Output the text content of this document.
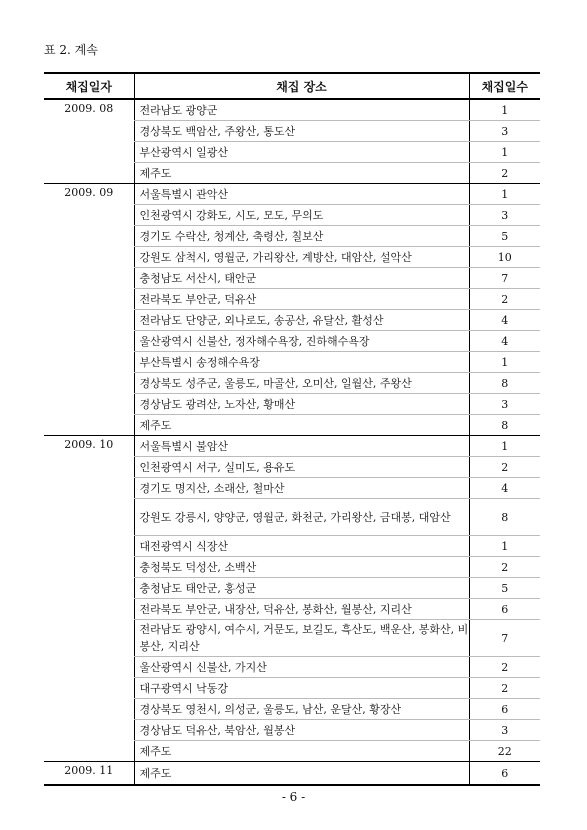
표 2. 계속
채집일자	채집 장소	채집일수
2009. 08	전라남도 광양군	1
	경상북도 백암산, 주왕산, 통도산	3
	부산광역시 일광산	1
	제주도	2
2009. 09	서울특별시 관악산	1
	인천광역시 강화도, 시도, 모도, 무의도	3
	경기도 수락산, 청계산, 축령산, 칠보산	5
	강원도 삼척시, 영월군, 가리왕산, 계방산, 대암산, 설악산	10
	충청남도 서산시, 태안군	7
	전라북도 부안군, 덕유산	2
	전라남도 단양군, 외나로도, 송공산, 유달산, 활성산	4
	울산광역시 신불산, 정자해수욕장, 진하해수욕장	4
	부산특별시 송정해수욕장	1
	경상북도 성주군, 울릉도, 마골산, 오미산, 일월산, 주왕산	8
	경상남도 광려산, 노자산, 황매산	3
	제주도	8
2009. 10	서울특별시 불암산	1
	인천광역시 서구, 실미도, 용유도	2
	경기도 명지산, 소래산, 철마산	4
	강원도 강릉시, 양양군, 영월군, 화천군, 가리왕산, 금대봉, 대암산	8
	대전광역시 식장산	1
	충청북도 덕성산, 소백산	2
	충청남도 태안군, 홍성군	5
	전라북도 부안군, 내장산, 덕유산, 봉화산, 월봉산, 지리산	6
	전라남도 광양시, 여수시, 거문도, 보길도, 흑산도, 백운산, 봉화산, 비봉산, 지리산	7
	울산광역시 신불산, 가지산	2
	대구광역시 낙동강	2
	경상북도 영천시, 의성군, 울릉도, 남산, 운달산, 황장산	6
	경상남도 덕유산, 북암산, 월봉산	3
	제주도	22
2009. 11	제주도	6
- 6 -
